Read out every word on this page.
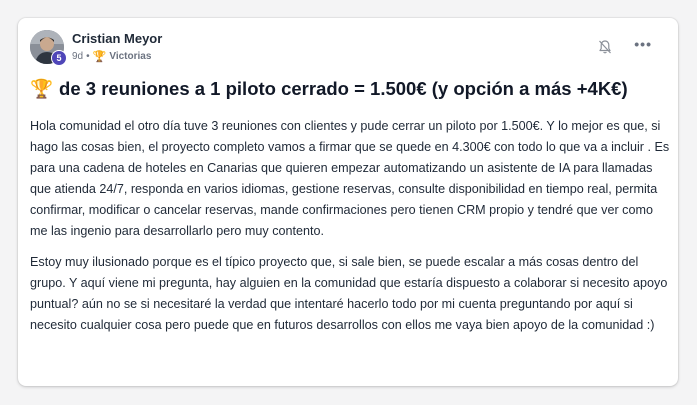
5
Cristian Meyor
9d • 🏆 Victorias
•••
🏆 de 3 reuniones a 1 piloto cerrado = 1.500€ (y opción a más +4K€)

Hola comunidad el otro día tuve 3 reuniones con clientes y pude cerrar un piloto por 1.500€. Y lo mejor es que, si hago las cosas bien, el proyecto completo vamos a firmar que se quede en 4.300€ con todo lo que va a incluir . Es para una cadena de hoteles en Canarias que quieren empezar automatizando un asistente de IA para llamadas que atienda 24/7, responda en varios idiomas, gestione reservas, consulte disponibilidad en tiempo real, permita confirmar, modificar o cancelar reservas, mande confirmaciones pero tienen CRM propio y tendré que ver como me las ingenio para desarrollarlo pero muy contento.

Estoy muy ilusionado porque es el típico proyecto que, si sale bien, se puede escalar a más cosas dentro del grupo. Y aquí viene mi pregunta, hay alguien en la comunidad que estaría dispuesto a colaborar si necesito apoyo puntual? aún no se si necesitaré la verdad que intentaré hacerlo todo por mi cuenta preguntando por aquí si necesito cualquier cosa pero puede que en futuros desarrollos con ellos me vaya bien apoyo de la comunidad :)
